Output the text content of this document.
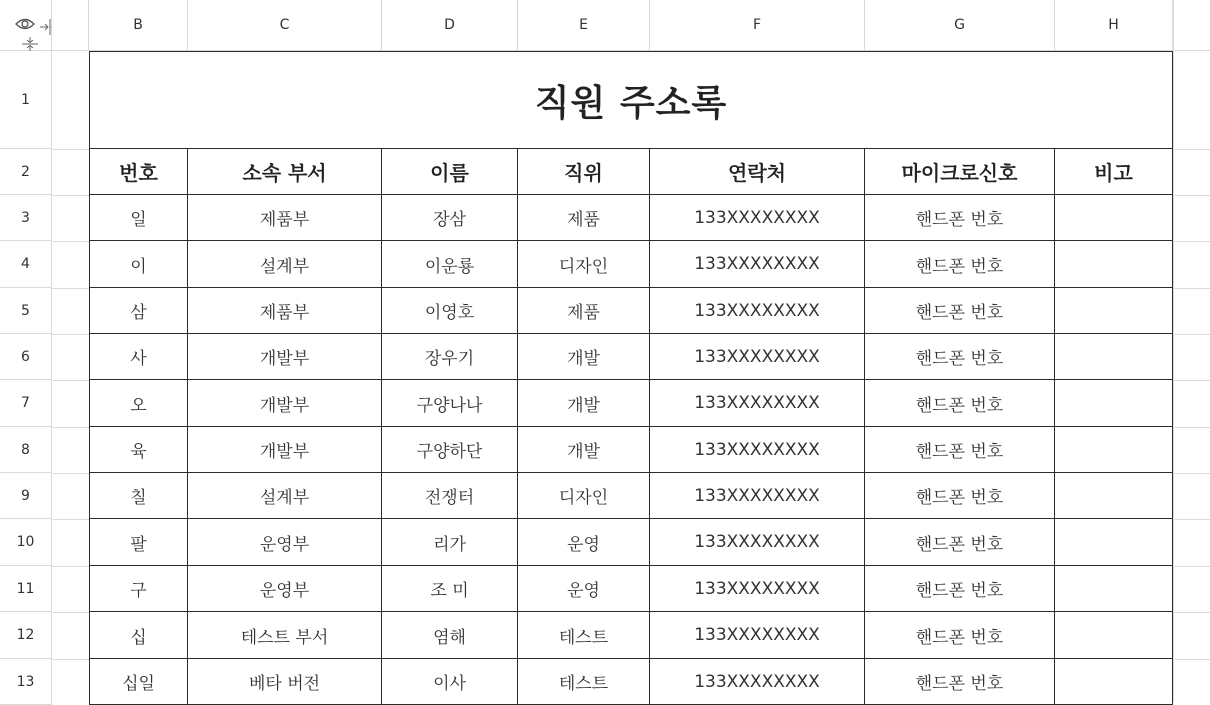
B	C	D	E	F	G	H
1
2
3
4
5
6
7
8
9
10
11
12
13
직원 주소록
번호	소속 부서	이름	직위	연락처	마이크로신호	비고
일	제품부	장삼	제품	133XXXXXXXX	핸드폰 번호
이	설계부	이운룡	디자인	133XXXXXXXX	핸드폰 번호
삼	제품부	이영호	제품	133XXXXXXXX	핸드폰 번호
사	개발부	장우기	개발	133XXXXXXXX	핸드폰 번호
오	개발부	구양나나	개발	133XXXXXXXX	핸드폰 번호
육	개발부	구양하단	개발	133XXXXXXXX	핸드폰 번호
칠	설계부	전쟁터	디자인	133XXXXXXXX	핸드폰 번호
팔	운영부	리가	운영	133XXXXXXXX	핸드폰 번호
구	운영부	조 미	운영	133XXXXXXXX	핸드폰 번호
십	테스트 부서	염해	테스트	133XXXXXXXX	핸드폰 번호
십일	베타 버전	이사	테스트	133XXXXXXXX	핸드폰 번호
